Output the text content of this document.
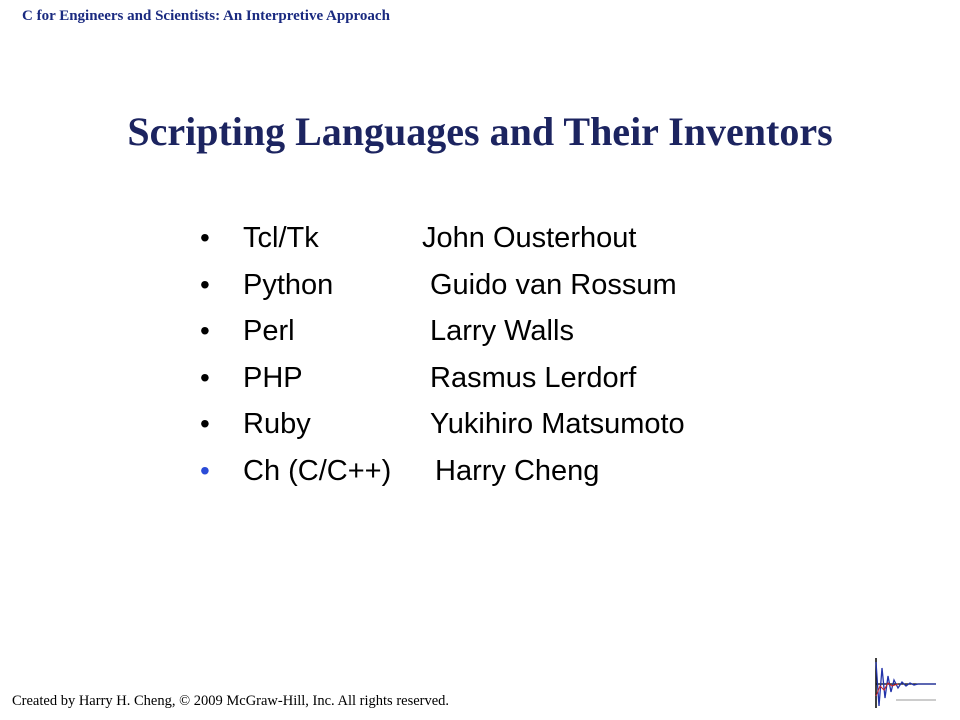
C for Engineers and Scientists: An Interpretive Approach
Scripting Languages and Their Inventors
• Tcl/Tk	John Ousterhout
• Python	Guido van Rossum
• Perl	Larry Walls
• PHP	Rasmus Lerdorf
• Ruby	Yukihiro Matsumoto
• Ch (C/C++) Harry Cheng
Created by Harry H. Cheng, © 2009 McGraw-Hill, Inc. All rights reserved.
